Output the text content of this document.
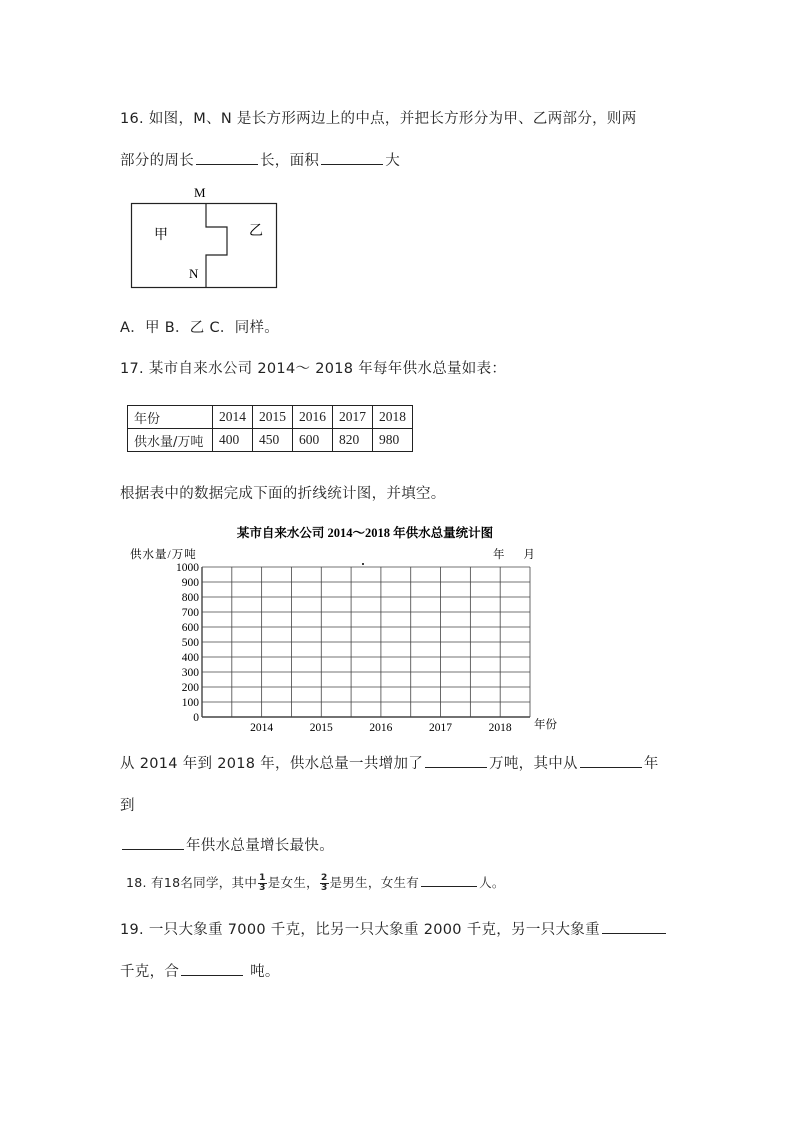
16. 如图，M、N 是长方形两边上的中点，并把长方形分为甲、乙两部分，则两
部分的周长	长，面积	大
M
N
甲	乙
A．甲 B．乙 C．同样。
17. 某市自来水公司 2014～ 2018 年每年供水总量如表：
年份	2014	2015	2016	2017	2018
供水量/万吨	400	450	600	820	980
根据表中的数据完成下面的折线统计图，并填空。
某市自来水公司 2014～2018 年供水总量统计图
供水量/万吨	年 月
0
100
200
300
400
500
600
700
800
900
1000
2014	2015	2016	2017	2018 年份
从 2014 年到 2018 年，供水总量一共增加了	万吨，其中从	年
到
年供水总量增长最快。
18. 有18名同学，其中 $\frac{1}{3}$ 是女生， $\frac{2}{3}$ 是男生，女生有	人。
19. 一只大象重 7000 千克，比另一只大象重 2000 千克，另一只大象重
千克，合	吨。
